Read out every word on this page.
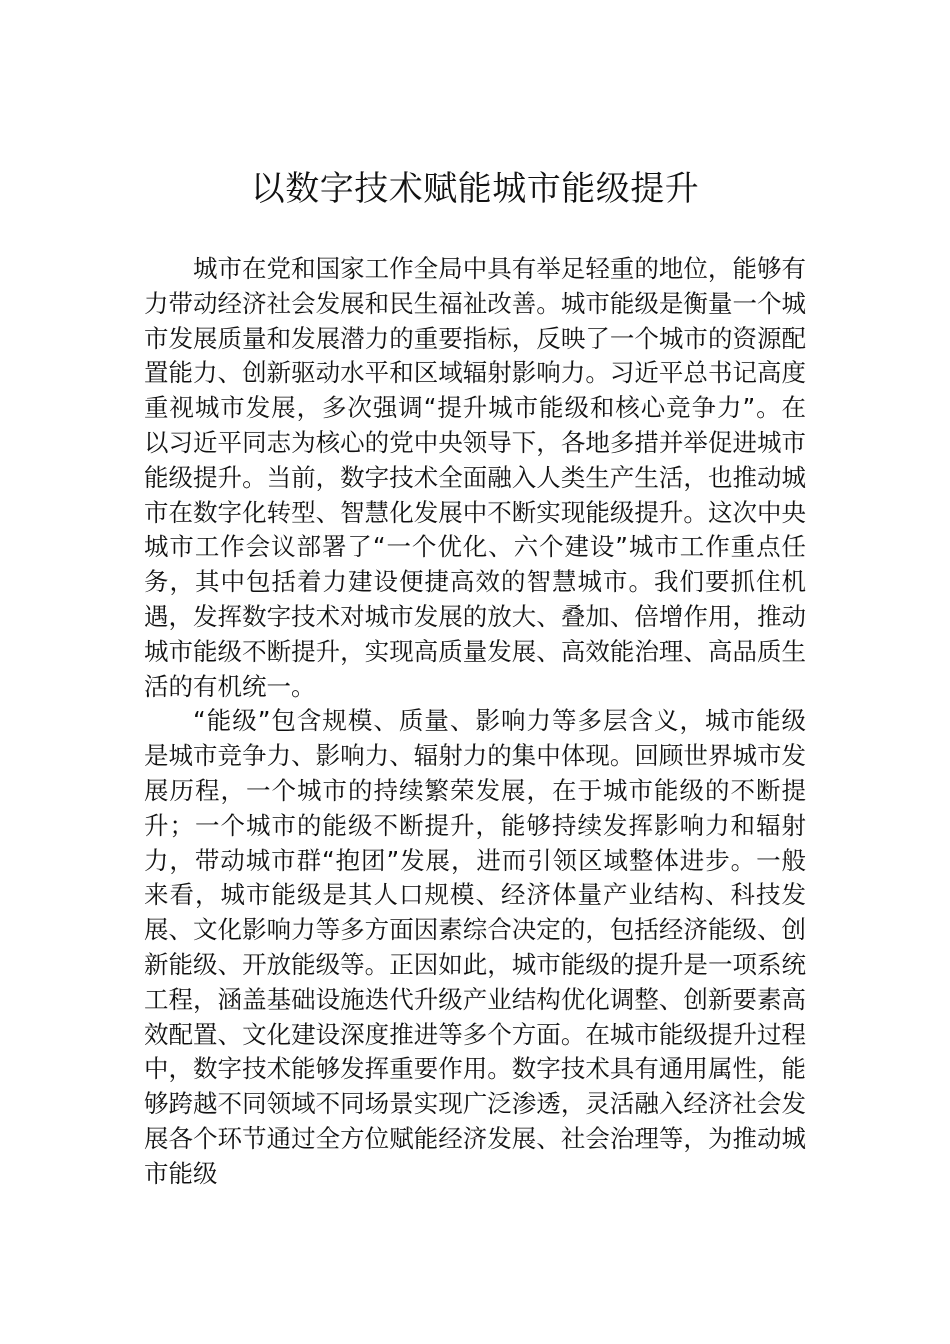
以数字技术赋能城市能级提升

城市在党和国家工作全局中具有举足轻重的地位，能够有力带动经济社会发展和民生福祉改善。城市能级是衡量一个城市发展质量和发展潜力的重要指标，反映了一个城市的资源配置能力、创新驱动水平和区域辐射影响力。习近平总书记高度重视城市发展，多次强调“提升城市能级和核心竞争力”。在以习近平同志为核心的党中央领导下，各地多措并举促进城市能级提升。当前，数字技术全面融入人类生产生活，也推动城市在数字化转型、智慧化发展中不断实现能级提升。这次中央城市工作会议部署了“一个优化、六个建设”城市工作重点任务，其中包括着力建设便捷高效的智慧城市。我们要抓住机遇，发挥数字技术对城市发展的放大、叠加、倍增作用，推动城市能级不断提升，实现高质量发展、高效能治理、高品质生活的有机统一。

“能级”包含规模、质量、影响力等多层含义，城市能级是城市竞争力、影响力、辐射力的集中体现。回顾世界城市发展历程，一个城市的持续繁荣发展，在于城市能级的不断提升；一个城市的能级不断提升，能够持续发挥影响力和辐射力，带动城市群“抱团”发展，进而引领区域整体进步。一般来看，城市能级是其人口规模、经济体量产业结构、科技发展、文化影响力等多方面因素综合决定的，包括经济能级、创新能级、开放能级等。正因如此，城市能级的提升是一项系统工程，涵盖基础设施迭代升级产业结构优化调整、创新要素高效配置、文化建设深度推进等多个方面。在城市能级提升过程中，数字技术能够发挥重要作用。数字技术具有通用属性，能够跨越不同领域不同场景实现广泛渗透，灵活融入经济社会发展各个环节通过全方位赋能经济发展、社会治理等，为推动城市能级
